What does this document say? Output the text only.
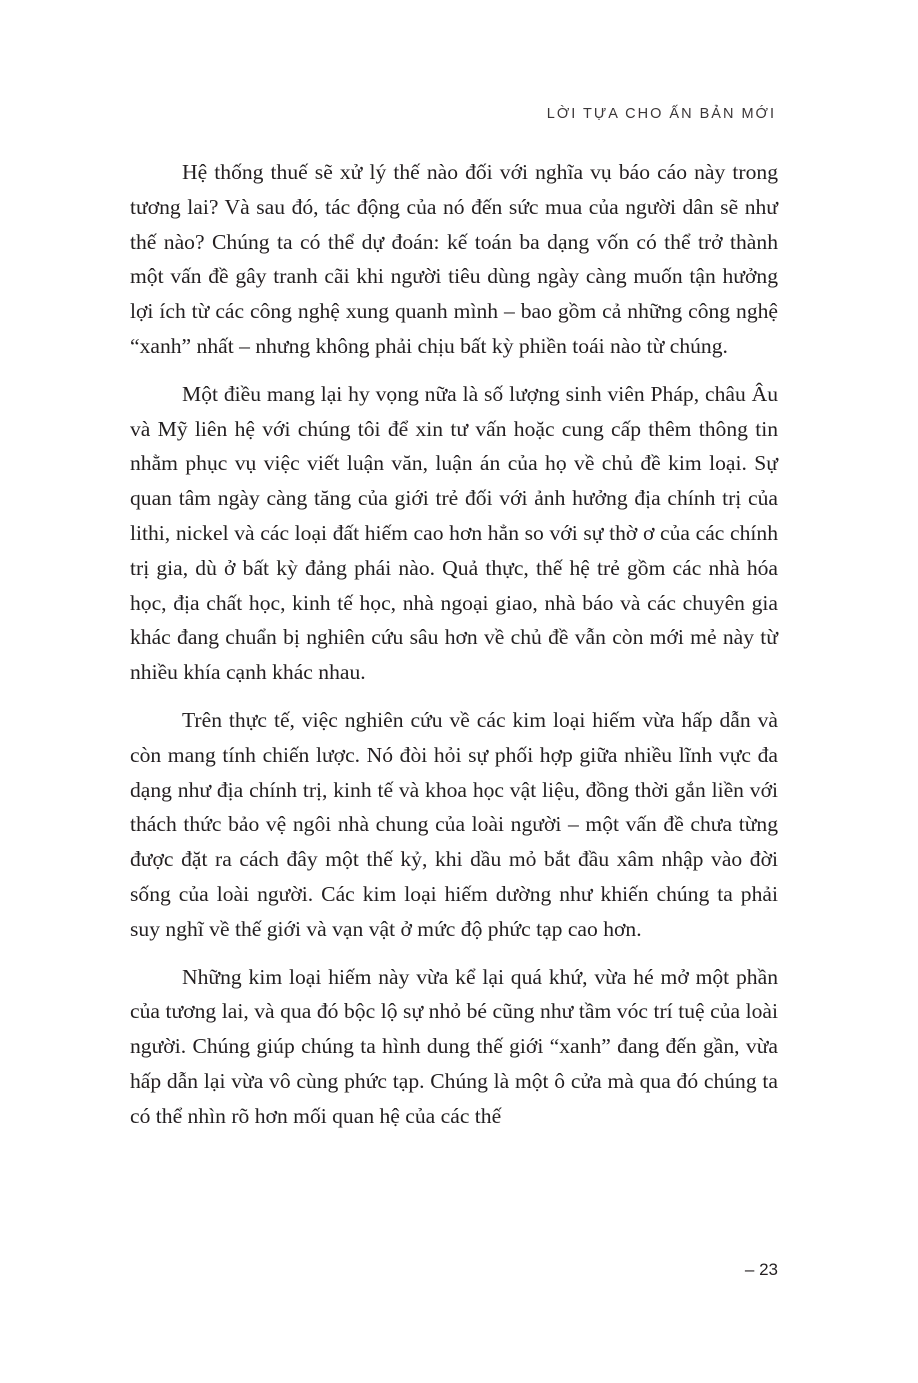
LỜI TỰA CHO ẤN BẢN MỚI

Hệ thống thuế sẽ xử lý thế nào đối với nghĩa vụ báo cáo này trong tương lai? Và sau đó, tác động của nó đến sức mua của người dân sẽ như thế nào? Chúng ta có thể dự đoán: kế toán ba dạng vốn có thể trở thành một vấn đề gây tranh cãi khi người tiêu dùng ngày càng muốn tận hưởng lợi ích từ các công nghệ xung quanh mình – bao gồm cả những công nghệ “xanh” nhất – nhưng không phải chịu bất kỳ phiền toái nào từ chúng.

Một điều mang lại hy vọng nữa là số lượng sinh viên Pháp, châu Âu và Mỹ liên hệ với chúng tôi để xin tư vấn hoặc cung cấp thêm thông tin nhằm phục vụ việc viết luận văn, luận án của họ về chủ đề kim loại. Sự quan tâm ngày càng tăng của giới trẻ đối với ảnh hưởng địa chính trị của lithi, nickel và các loại đất hiếm cao hơn hẳn so với sự thờ ơ của các chính trị gia, dù ở bất kỳ đảng phái nào. Quả thực, thế hệ trẻ gồm các nhà hóa học, địa chất học, kinh tế học, nhà ngoại giao, nhà báo và các chuyên gia khác đang chuẩn bị nghiên cứu sâu hơn về chủ đề vẫn còn mới mẻ này từ nhiều khía cạnh khác nhau.

Trên thực tế, việc nghiên cứu về các kim loại hiếm vừa hấp dẫn và còn mang tính chiến lược. Nó đòi hỏi sự phối hợp giữa nhiều lĩnh vực đa dạng như địa chính trị, kinh tế và khoa học vật liệu, đồng thời gắn liền với thách thức bảo vệ ngôi nhà chung của loài người – một vấn đề chưa từng được đặt ra cách đây một thế kỷ, khi dầu mỏ bắt đầu xâm nhập vào đời sống của loài người. Các kim loại hiếm dường như khiến chúng ta phải suy nghĩ về thế giới và vạn vật ở mức độ phức tạp cao hơn.

Những kim loại hiếm này vừa kể lại quá khứ, vừa hé mở một phần của tương lai, và qua đó bộc lộ sự nhỏ bé cũng như tầm vóc trí tuệ của loài người. Chúng giúp chúng ta hình dung thế giới “xanh” đang đến gần, vừa hấp dẫn lại vừa vô cùng phức tạp. Chúng là một ô cửa mà qua đó chúng ta có thể nhìn rõ hơn mối quan hệ của các thế

– 23
